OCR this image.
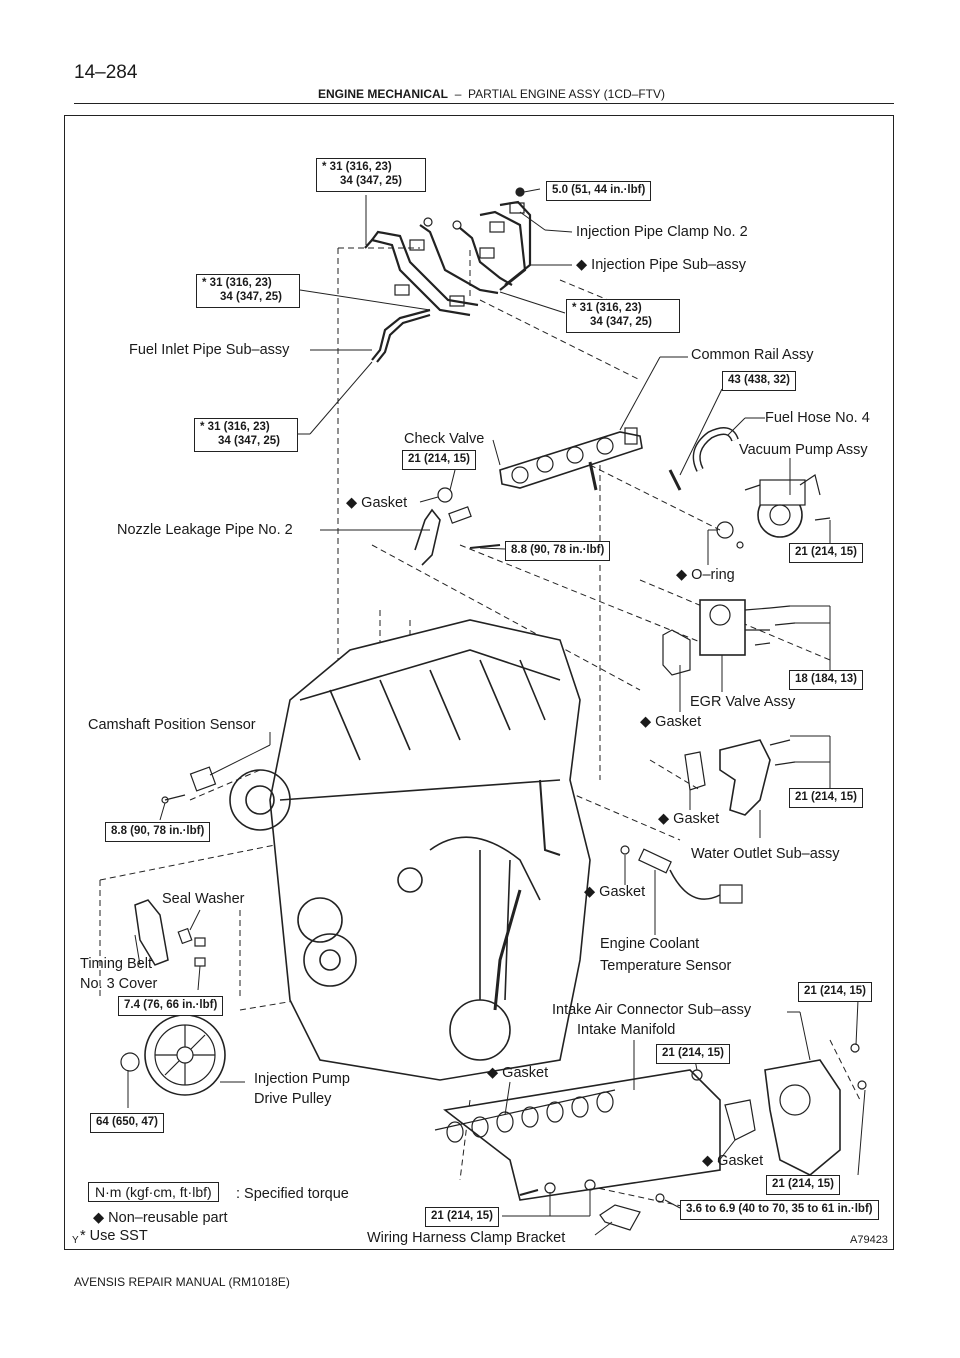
14–284
ENGINE MECHANICAL – PARTIAL ENGINE ASSY (1CD–FTV)
Injection Pipe Clamp No. 2
◆ Injection Pipe Sub–assy
Fuel Inlet Pipe Sub–assy	Common Rail Assy
Fuel Hose No. 4
Check Valve
Vacuum Pump Assy
◆ Gasket
Nozzle Leakage Pipe No. 2
◆ O–ring
EGR Valve Assy
◆ Gasket
Camshaft Position Sensor
◆ Gasket
Water Outlet Sub–assy
Seal Washer	◆ Gasket
Engine Coolant
Temperature Sensor
Timing Belt
No. 3 Cover
Intake Air Connector Sub–assy
Intake Manifold
Injection Pump
Drive Pulley
◆ Gasket
◆ Gasket
Wiring Harness Clamp Bracket
* 31 (316, 23)
34 (347, 25)
5.0 (51, 44 in.·lbf)
* 31 (316, 23)
34 (347, 25)
* 31 (316, 23)
34 (347, 25)
43 (438, 32)
* 31 (316, 23)
34 (347, 25)
21 (214, 15)
8.8 (90, 78 in.·lbf)	21 (214, 15)
18 (184, 13)
21 (214, 15)
8.8 (90, 78 in.·lbf)
7.4 (76, 66 in.·lbf)
21 (214, 15)
21 (214, 15)
64 (650, 47)
21 (214, 15)
21 (214, 15)
3.6 to 6.9 (40 to 70, 35 to 61 in.·lbf)
N·m (kgf·cm, ft·lbf)	: Specified torque
◆ Non–reusable part
* Use SST
Y	A79423
AVENSIS REPAIR MANUAL (RM1018E)
